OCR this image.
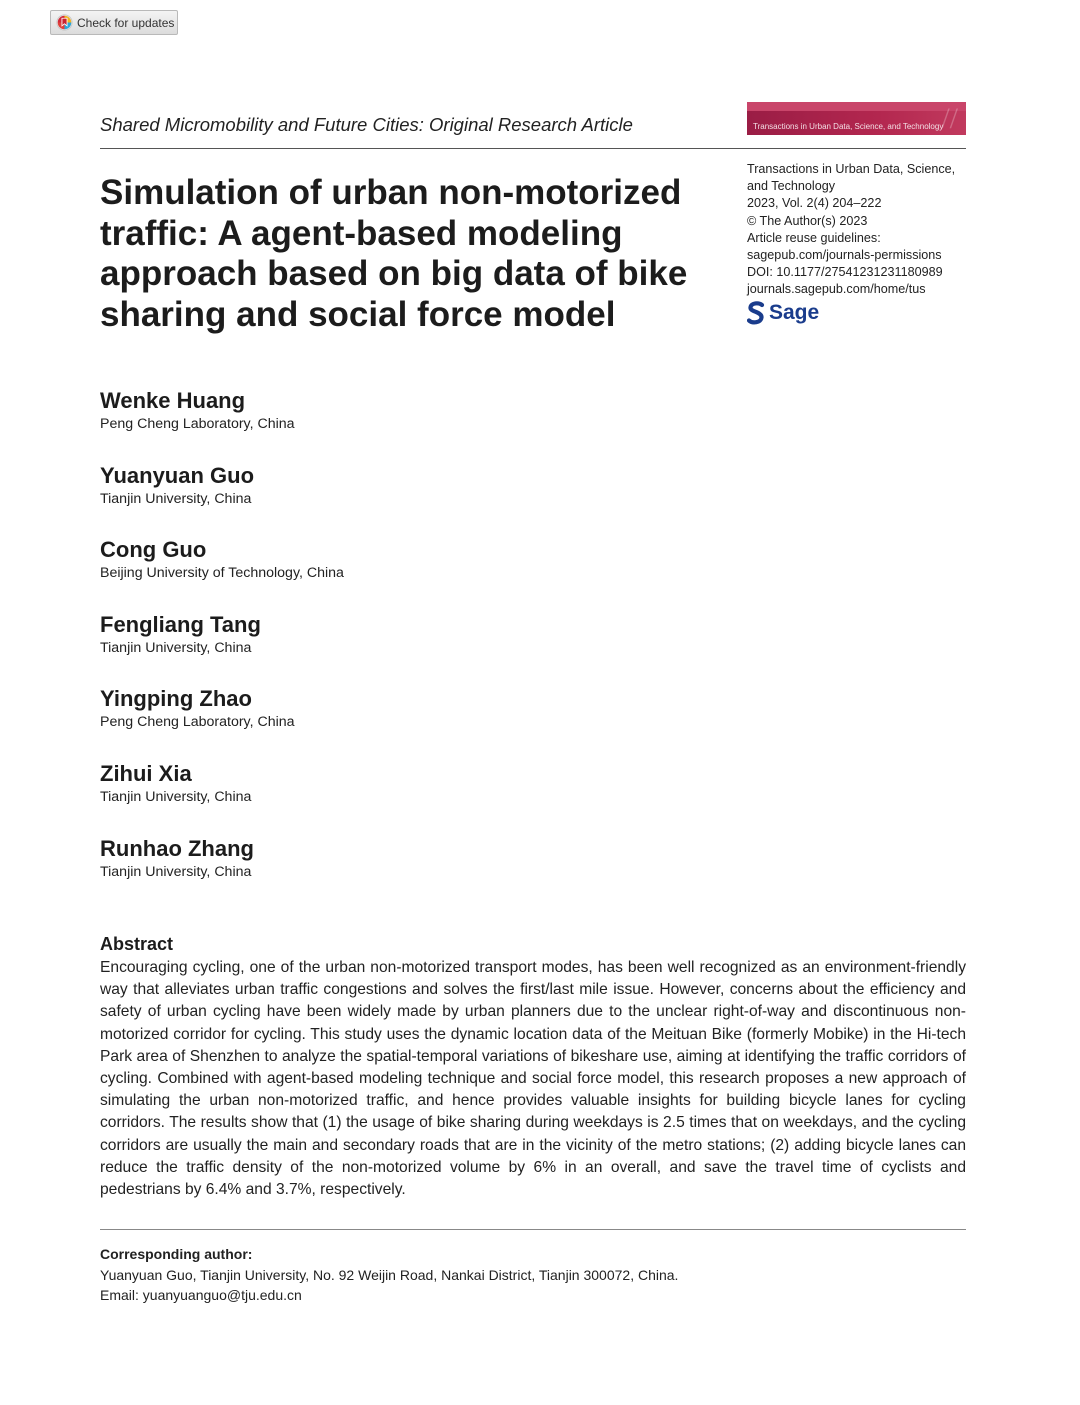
Check for updates
Shared Micromobility and Future Cities: Original Research Article	//
Transactions in Urban Data, Science, and Technology
Simulation of urban non-motorized traffic: A agent-based modeling approach based on big data of bike sharing and social force model
Transactions in Urban Data, Science,
and Technology
2023, Vol. 2(4) 204–222
© The Author(s) 2023
Article reuse guidelines:
sagepub.com/journals-permissions
DOI: 10.1177/27541231231180989
journals.sagepub.com/home/tus
Sage
Wenke Huang
Peng Cheng Laboratory, China
Yuanyuan Guo
Tianjin University, China
Cong Guo
Beijing University of Technology, China
Fengliang Tang
Tianjin University, China
Yingping Zhao
Peng Cheng Laboratory, China
Zihui Xia
Tianjin University, China
Runhao Zhang
Tianjin University, China
Abstract

Encouraging cycling, one of the urban non-motorized transport modes, has been well recognized as an environment-friendly way that alleviates urban traffic congestions and solves the first/last mile issue. However, concerns about the efficiency and safety of urban cycling have been widely made by urban planners due to the unclear right-of-way and discontinuous non-motorized corridor for cycling. This study uses the dynamic location data of the Meituan Bike (formerly Mobike) in the Hi-tech Park area of Shenzhen to analyze the spatial-temporal variations of bikeshare use, aiming at identifying the traffic corridors of cycling. Combined with agent-based modeling technique and social force model, this research proposes a new approach of simulating the urban non-motorized traffic, and hence provides valuable insights for building bicycle lanes for cycling corridors. The results show that (1) the usage of bike sharing during weekdays is 2.5 times that on weekdays, and the cycling corridors are usually the main and secondary roads that are in the vicinity of the metro stations; (2) adding bicycle lanes can reduce the traffic density of the non-motorized volume by 6% in an overall, and save the travel time of cyclists and pedestrians by 6.4% and 3.7%, respectively.

Corresponding author:
Yuanyuan Guo, Tianjin University, No. 92 Weijin Road, Nankai District, Tianjin 300072, China.
Email: yuanyuanguo@tju.edu.cn
